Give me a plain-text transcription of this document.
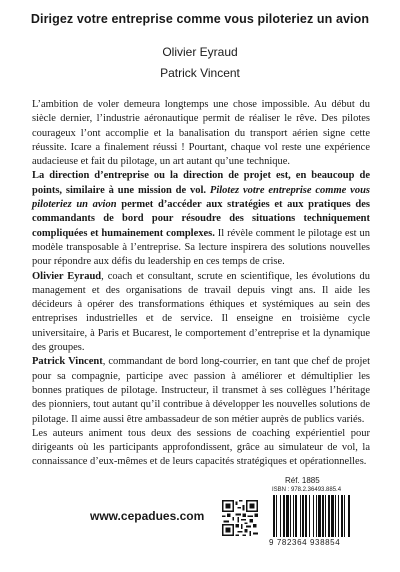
Dirigez votre entreprise comme vous piloteriez un avion
Olivier Eyraud
Patrick Vincent

L’ambition de voler demeura longtemps une chose impossible. Au début du siècle dernier, l’industrie aéronautique permit de réaliser le rêve. Des pilotes courageux l’ont accomplie et la banalisation du transport aérien signe cette réussite. Icare a finalement réussi ! Pourtant, chaque vol reste une expérience audacieuse et fait du pilotage, un art autant qu’une technique.

La direction d’entreprise ou la direction de projet est, en beaucoup de points, similaire à une mission de vol. Pilotez votre entreprise comme vous piloteriez un avion permet d’accéder aux stratégies et aux pratiques des commandants de bord pour résoudre des situations techniquement compliquées et humainement complexes. Il révèle comment le pilotage est un modèle transposable à l’entreprise. Sa lecture inspirera des solutions nouvelles pour répondre aux défis du leadership en ces temps de crise.

Olivier Eyraud, coach et consultant, scrute en scientifique, les évolutions du management et des organisations de travail depuis vingt ans. Il aide les décideurs à opérer des transformations éthiques et systémiques au sein des entreprises industrielles et de service. Il enseigne en troisième cycle universitaire, à Paris et Bucarest, le comportement d’entreprise et la dynamique des groupes.

Patrick Vincent, commandant de bord long-courrier, en tant que chef de projet pour sa compagnie, participe avec passion à améliorer et démultiplier les bonnes pratiques de pilotage. Instructeur, il transmet à ses collègues l’héritage des pionniers, tout autant qu’il contribue à développer les nouvelles solutions de pilotage. Il aime aussi être ambassadeur de son métier auprès de publics variés.

Les auteurs animent tous deux des sessions de coaching expérientiel pour dirigeants où les participants approfondissent, grâce au simulateur de vol, la connaissance d’eux-mêmes et de leurs capacités stratégiques et opérationnelles.

www.cepadues.com
Réf. 1885
ISBN : 978.2.36493.885.4
9 782364 938854
